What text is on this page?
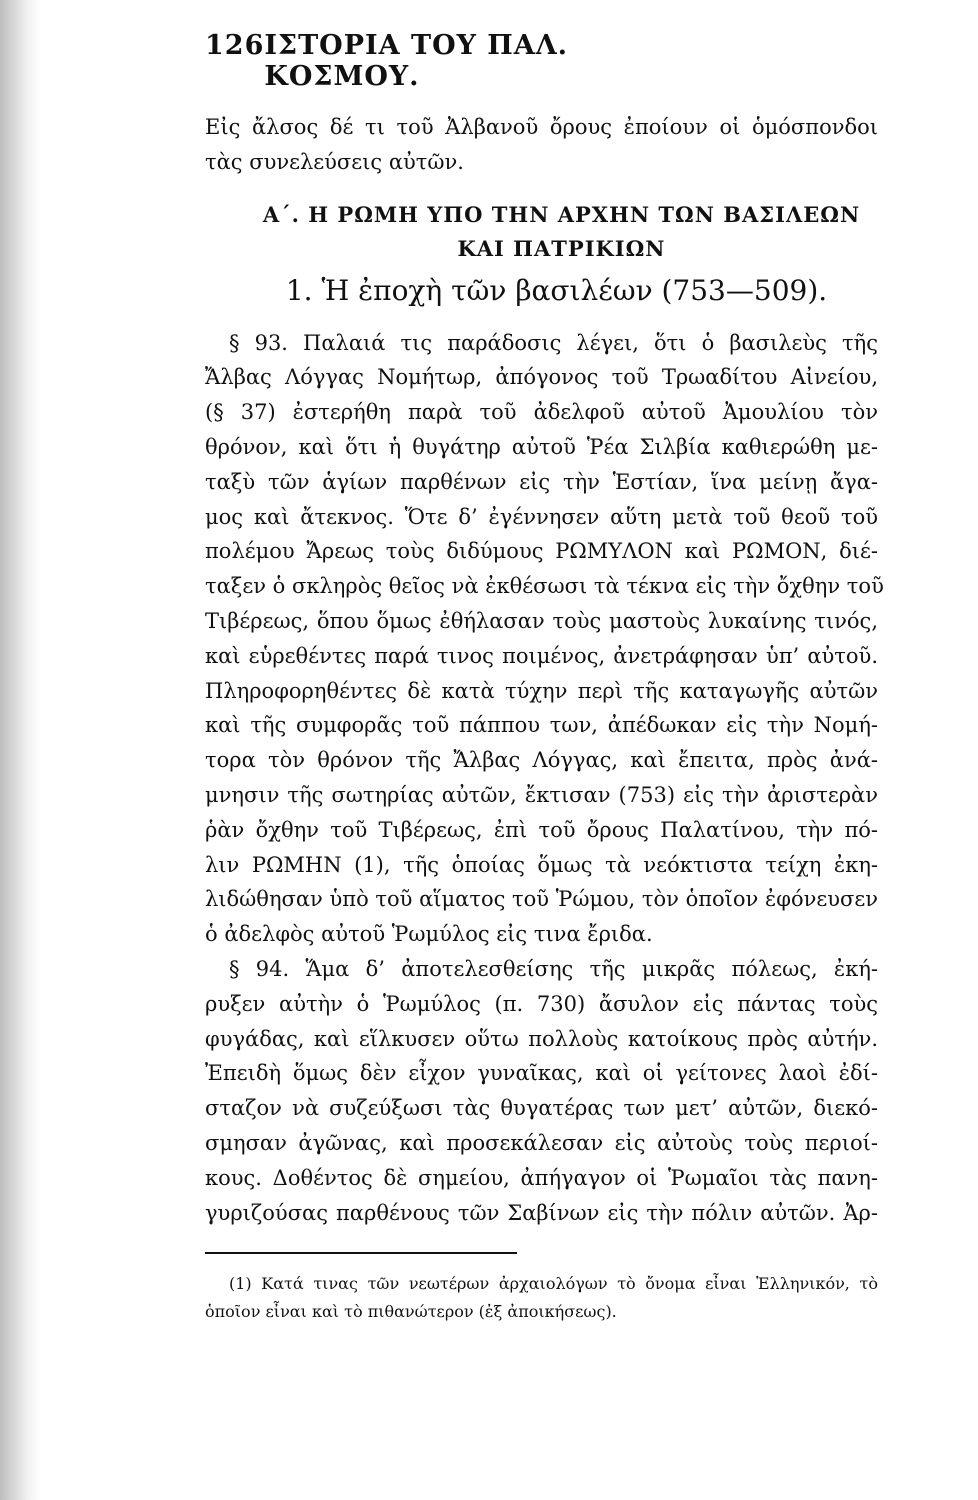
126 ΙΣΤΟΡΙΑ ΤΟΥ ΠΑΛ. ΚΟΣΜΟΥ.
Εἰς ἄλσος δέ τι τοῦ Ἀλβανοῦ ὄρους ἐποίουν οἱ ὁμόσπονδοι
τὰς συνελεύσεις αὐτῶν.
Α΄. Η ΡΩΜΗ ΥΠΟ ΤΗΝ ΑΡΧΗΝ ΤΩΝ ΒΑΣΙΛΕΩΝ
ΚΑΙ ΠΑΤΡΙΚΙΩΝ
1. Ἡ ἐποχὴ τῶν βασιλέων (753—509).
§ 93. Παλαιά τις παράδοσις λέγει, ὅτι ὁ βασιλεὺς τῆς
Ἄλβας Λόγγας Νομήτωρ, ἀπόγονος τοῦ Τρωαδίτου Αἰνείου,
(§ 37) ἐστερήθη παρὰ τοῦ ἀδελφοῦ αὐτοῦ Ἀμουλίου τὸν
θρόνον, καὶ ὅτι ἡ θυγάτηρ αὐτοῦ Ῥέα Σιλβία καθιερώθη με-
ταξὺ τῶν ἁγίων παρθένων εἰς τὴν Ἑστίαν, ἵνα μείνῃ ἄγα-
μος καὶ ἄτεκνος. Ὅτε δ’ ἐγέννησεν αὕτη μετὰ τοῦ θεοῦ τοῦ
πολέμου Ἄρεως τοὺς διδύμους ΡΩΜΥΛΟΝ καὶ ΡΩΜΟΝ, διέ-
ταξεν ὁ σκληρὸς θεῖος νὰ ἐκθέσωσι τὰ τέκνα εἰς τὴν ὄχθην τοῦ
Τιβέρεως, ὅπου ὅμως ἐθήλασαν τοὺς μαστοὺς λυκαίνης τινός,
καὶ εὑρεθέντες παρά τινος ποιμένος, ἀνετράφησαν ὑπ’ αὐτοῦ.
Πληροφορηθέντες δὲ κατὰ τύχην περὶ τῆς καταγωγῆς αὐτῶν
καὶ τῆς συμφορᾶς τοῦ πάππου των, ἀπέδωκαν εἰς τὴν Νομή-
τορα τὸν θρόνον τῆς Ἄλβας Λόγγας, καὶ ἔπειτα, πρὸς ἀνά-
μνησιν τῆς σωτηρίας αὐτῶν, ἔκτισαν (753) εἰς τὴν ἀριστερὰν
ῥὰν ὄχθην τοῦ Τιβέρεως, ἐπὶ τοῦ ὄρους Παλατίνου, τὴν πό-
λιν ΡΩΜΗΝ (1), τῆς ὁποίας ὅμως τὰ νεόκτιστα τείχη ἐκη-
λιδώθησαν ὑπὸ τοῦ αἵματος τοῦ Ῥώμου, τὸν ὁποῖον ἐφόνευσεν
ὁ ἀδελφὸς αὐτοῦ Ῥωμύλος εἰς τινα ἔριδα.
§ 94. Ἅμα δ’ ἀποτελεσθείσης τῆς μικρᾶς πόλεως, ἐκή-
ρυξεν αὐτὴν ὁ Ῥωμύλος (π. 730) ἄσυλον εἰς πάντας τοὺς
φυγάδας, καὶ εἵλκυσεν οὕτω πολλοὺς κατοίκους πρὸς αὐτήν.
Ἐπειδὴ ὅμως δὲν εἶχον γυναῖκας, καὶ οἱ γείτονες λαοὶ ἐδί-
σταζον νὰ συζεύξωσι τὰς θυγατέρας των μετ’ αὐτῶν, διεκό-
σμησαν ἀγῶνας, καὶ προσεκάλεσαν εἰς αὐτοὺς τοὺς περιοί-
κους. Δοθέντος δὲ σημείου, ἀπήγαγον οἱ Ῥωμαῖοι τὰς πανη-
γυριζούσας παρθένους τῶν Σαβίνων εἰς τὴν πόλιν αὐτῶν. Ἀρ-
(1) Κατά τινας τῶν νεωτέρων ἀρχαιολόγων τὸ ὄνομα εἶναι Ἑλληνικόν, τὸ
ὁποῖον εἶναι καὶ τὸ πιθανώτερον (ἐξ ἀποικήσεως).
